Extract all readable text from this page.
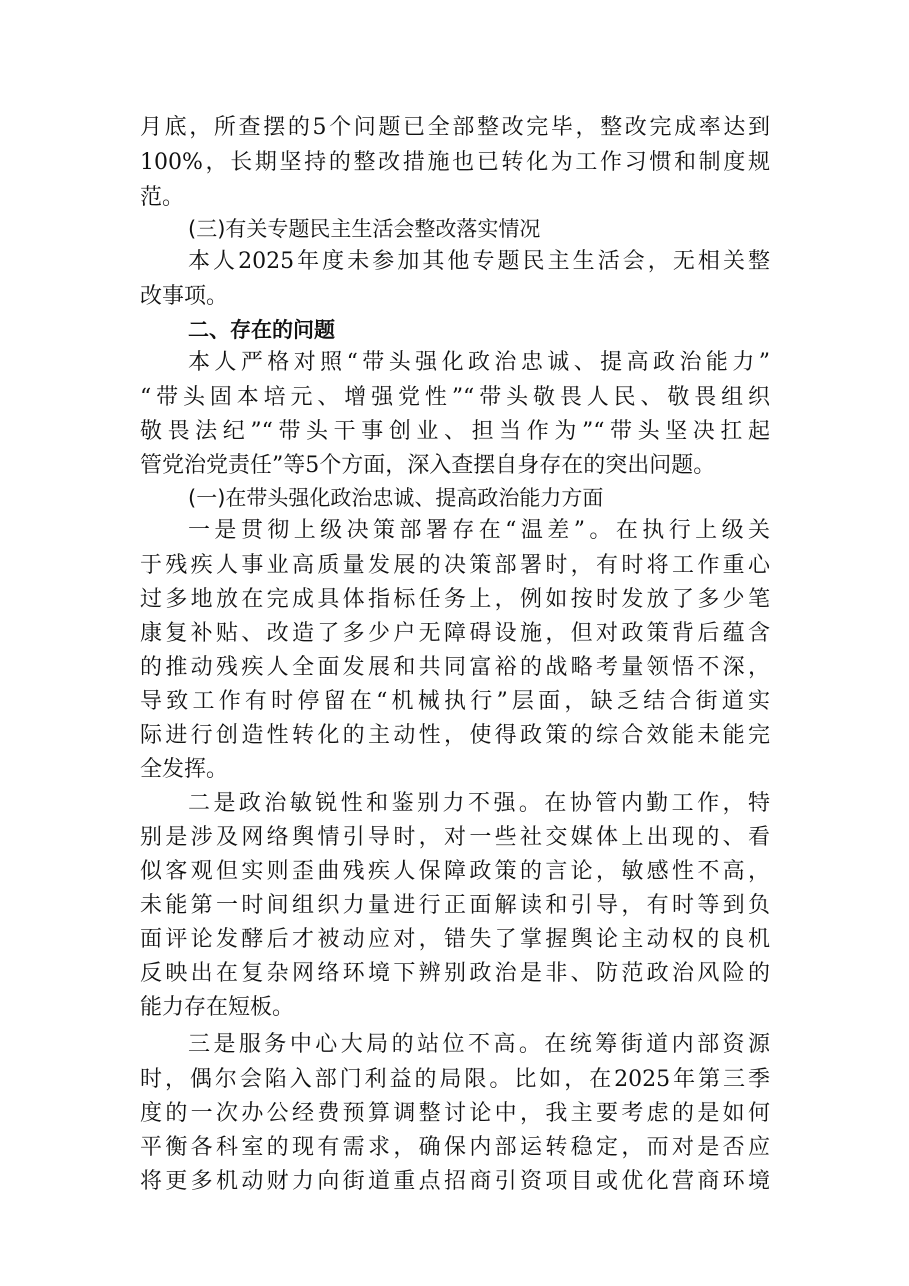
月底，所查摆的5个问题已全部整改完毕，整改完成率达到
100%，长期坚持的整改措施也已转化为工作习惯和制度规
范。
(三)有关专题民主生活会整改落实情况
本人2025年度未参加其他专题民主生活会，无相关整
改事项。
二、存在的问题
本人严格对照“带头强化政治忠诚、提高政治能力”
“带头固本培元、增强党性”“带头敬畏人民、敬畏组织
敬畏法纪”“带头干事创业、担当作为”“带头坚决扛起
管党治党责任”等5个方面，深入查摆自身存在的突出问题。
(一)在带头强化政治忠诚、提高政治能力方面
一是贯彻上级决策部署存在“温差”。在执行上级关
于残疾人事业高质量发展的决策部署时，有时将工作重心
过多地放在完成具体指标任务上，例如按时发放了多少笔
康复补贴、改造了多少户无障碍设施，但对政策背后蕴含
的推动残疾人全面发展和共同富裕的战略考量领悟不深，
导致工作有时停留在“机械执行”层面，缺乏结合街道实
际进行创造性转化的主动性，使得政策的综合效能未能完
全发挥。
二是政治敏锐性和鉴别力不强。在协管内勤工作，特
别是涉及网络舆情引导时，对一些社交媒体上出现的、看
似客观但实则歪曲残疾人保障政策的言论，敏感性不高，
未能第一时间组织力量进行正面解读和引导，有时等到负
面评论发酵后才被动应对，错失了掌握舆论主动权的良机
反映出在复杂网络环境下辨别政治是非、防范政治风险的
能力存在短板。
三是服务中心大局的站位不高。在统筹街道内部资源
时，偶尔会陷入部门利益的局限。比如，在2025年第三季
度的一次办公经费预算调整讨论中，我主要考虑的是如何
平衡各科室的现有需求，确保内部运转稳定，而对是否应
将更多机动财力向街道重点招商引资项目或优化营商环境
